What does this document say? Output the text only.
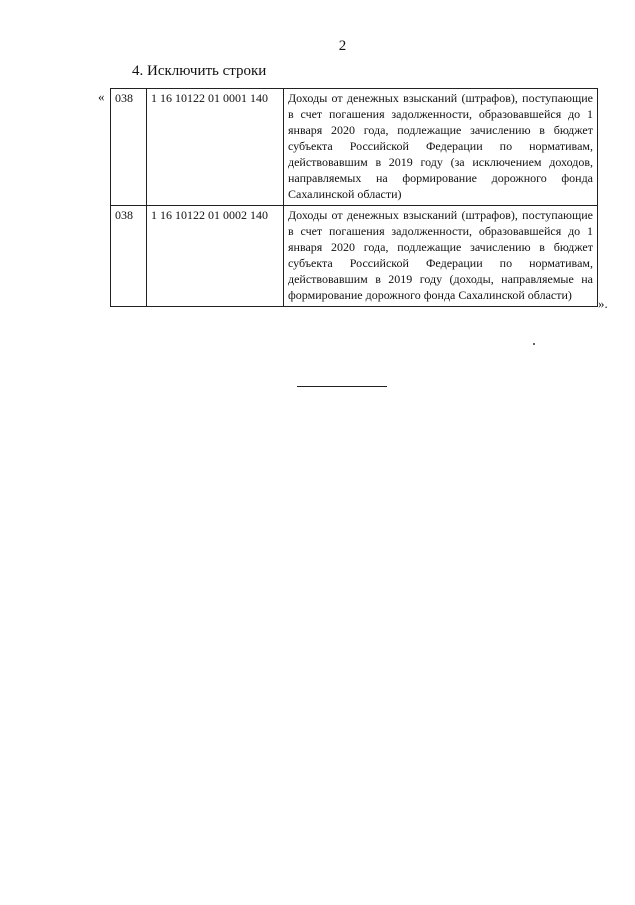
2
4. Исключить строки
« 038	1 16 10122 01 0001 140	Доходы от денежных взысканий (штрафов), поступающие в счет погашения задолженности, образовавшейся до 1 января 2020 года, подлежащие зачислению в бюджет субъекта Российской Федерации по нормативам, действовавшим в 2019 году (за исключением доходов, направляемых на формирование дорожного фонда Сахалинской области)
038	1 16 10122 01 0002 140	Доходы от денежных взысканий (штрафов), поступающие в счет погашения задолженности, образовавшейся до 1 января 2020 года, подлежащие зачислению в бюджет субъекта Российской Федерации по нормативам, действовавшим в 2019 году (доходы, направляемые на формирование дорожного фонда Сахалинской области)
».
